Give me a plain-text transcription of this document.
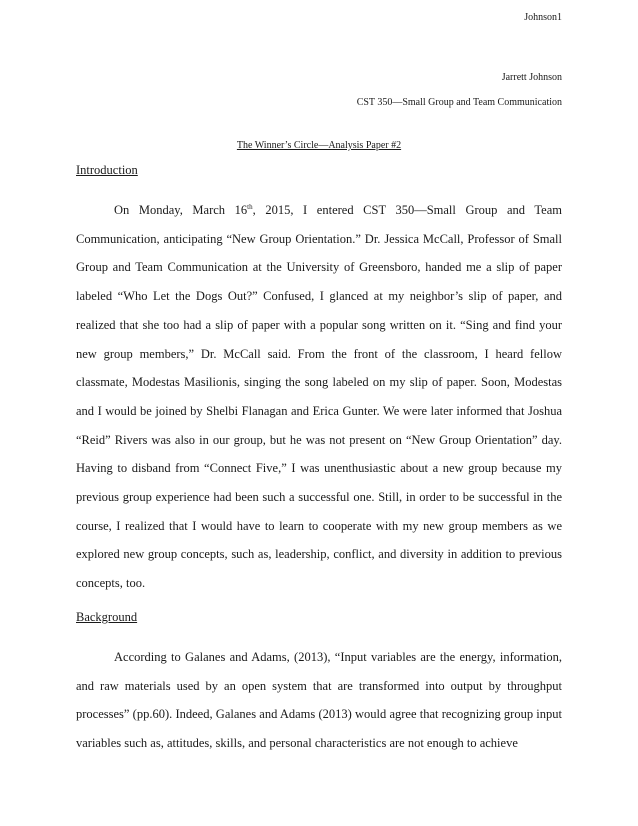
Johnson1
Jarrett Johnson
CST 350—Small Group and Team Communication
The Winner’s Circle—Analysis Paper #2
Introduction

On Monday, March 16th, 2015, I entered CST 350—Small Group and Team Communication, anticipating “New Group Orientation.” Dr. Jessica McCall, Professor of Small Group and Team Communication at the University of Greensboro, handed me a slip of paper labeled “Who Let the Dogs Out?” Confused, I glanced at my neighbor’s slip of paper, and realized that she too had a slip of paper with a popular song written on it. “Sing and find your new group members,” Dr. McCall said. From the front of the classroom, I heard fellow classmate, Modestas Masilionis, singing the song labeled on my slip of paper. Soon, Modestas and I would be joined by Shelbi Flanagan and Erica Gunter. We were later informed that Joshua “Reid” Rivers was also in our group, but he was not present on “New Group Orientation” day. Having to disband from “Connect Five,” I was unenthusiastic about a new group because my previous group experience had been such a successful one. Still, in order to be successful in the course, I realized that I would have to learn to cooperate with my new group members as we explored new group concepts, such as, leadership, conflict, and diversity in addition to previous concepts, too.

Background

According to Galanes and Adams, (2013), “Input variables are the energy, information, and raw materials used by an open system that are transformed into output by throughput processes” (pp.60). Indeed, Galanes and Adams (2013) would agree that recognizing group input variables such as, attitudes, skills, and personal characteristics are not enough to achieve
